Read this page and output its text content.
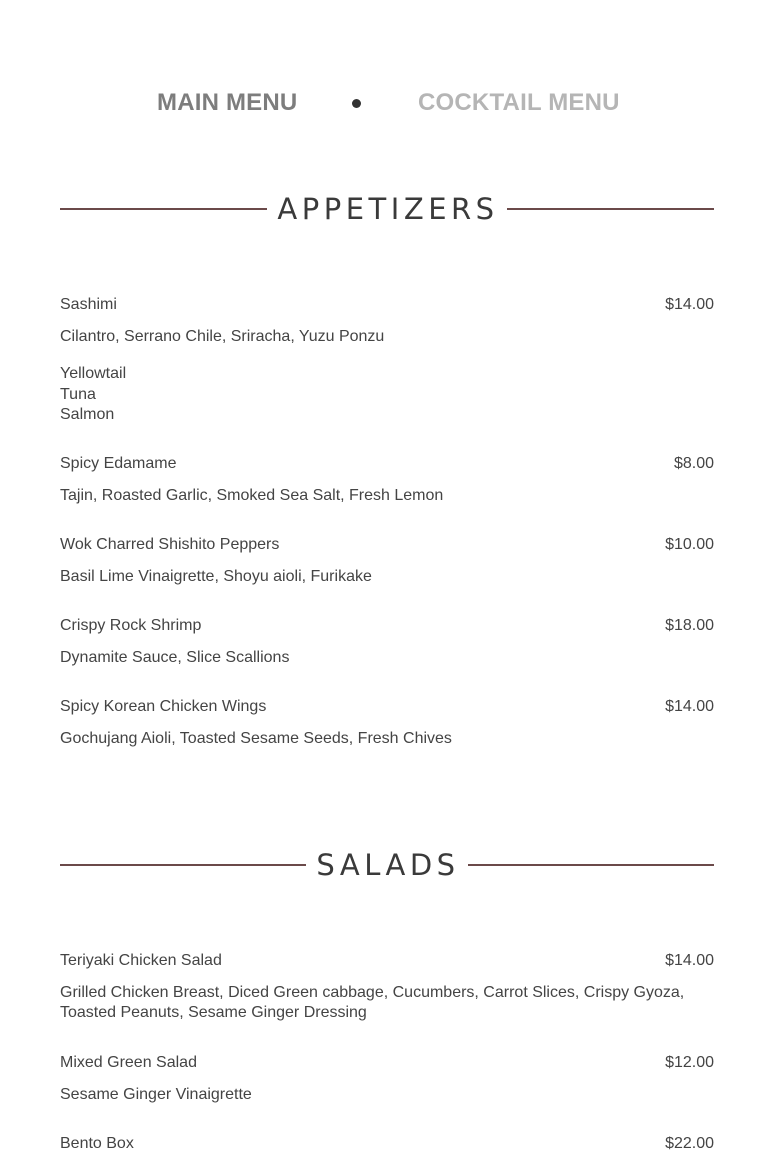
MAIN MENU	COCKTAIL MENU
APPETIZERS
Sashimi	$14.00
Cilantro, Serrano Chile, Sriracha, Yuzu Ponzu
Yellowtail
Tuna
Salmon
Spicy Edamame	$8.00
Tajin, Roasted Garlic, Smoked Sea Salt, Fresh Lemon
Wok Charred Shishito Peppers	$10.00
Basil Lime Vinaigrette, Shoyu aioli, Furikake
Crispy Rock Shrimp	$18.00
Dynamite Sauce, Slice Scallions
Spicy Korean Chicken Wings	$14.00
Gochujang Aioli, Toasted Sesame Seeds, Fresh Chives
SALADS
Teriyaki Chicken Salad	$14.00
Grilled Chicken Breast, Diced Green cabbage, Cucumbers, Carrot Slices, Crispy Gyoza, Toasted Peanuts, Sesame Ginger Dressing
Mixed Green Salad	$12.00
Sesame Ginger Vinaigrette
Bento Box	$22.00
